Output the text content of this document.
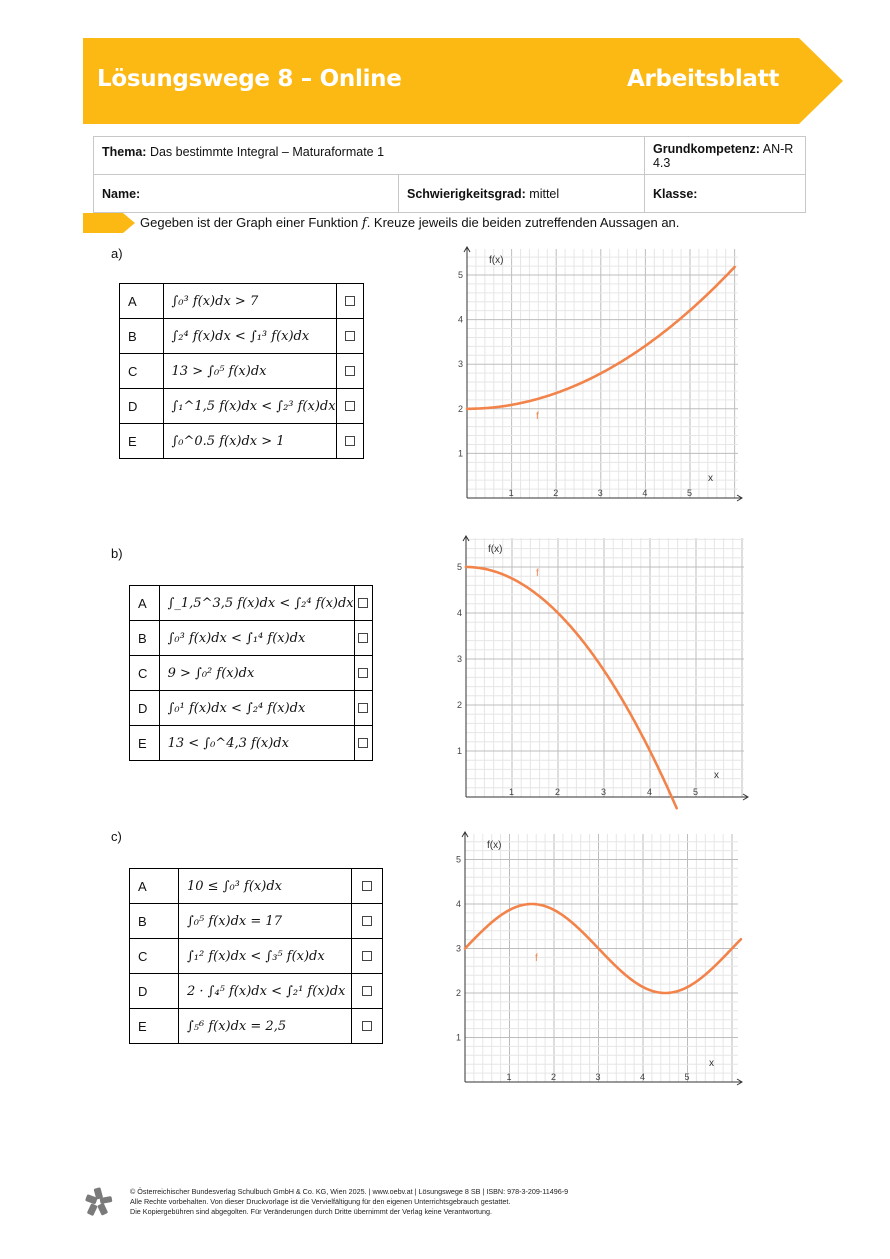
Lösungswege 8 – Online	Arbeitsblatt
Thema: Das bestimmte Integral – Maturaformate 1		Grundkompetenz: AN-R 4.3
Name:	Schwierigkeitsgrad: mittel	Klasse:
Gegeben ist der Graph einer Funktion f. Kreuze jeweils die beiden zutreffenden Aussagen an.
a)
b)
c)
A	∫₀³ f(x)dx > 7	
B	∫₂⁴ f(x)dx < ∫₁³ f(x)dx	
C	13 > ∫₀⁵ f(x)dx	
D	∫₁^1,5 f(x)dx < ∫₂³ f(x)dx	
E	∫₀^0.5 f(x)dx > 1	
A	∫_1,5^3,5 f(x)dx < ∫₂⁴ f(x)dx	
B	∫₀³ f(x)dx < ∫₁⁴ f(x)dx	
C	9 > ∫₀² f(x)dx	
D	∫₀¹ f(x)dx < ∫₂⁴ f(x)dx	
E	13 < ∫₀^4,3 f(x)dx	
A	10 ≤ ∫₀³ f(x)dx	
B	∫₀⁵ f(x)dx = 17	
C	∫₁² f(x)dx < ∫₃⁵ f(x)dx	
D	2 · ∫₄⁵ f(x)dx < ∫₂¹ f(x)dx	
E	∫₅⁶ f(x)dx = 2,5	
1	2	3	4	5
1
2
3
4
5
f(x)
x
f
1	2	3	4	5
1
2
3
4
5
f(x)
x
f
1	2	3	4	5
1
2
3
4
5
f(x)
x
f
© Österreichischer Bundesverlag Schulbuch GmbH & Co. KG, Wien 2025. | www.oebv.at | Lösungswege 8 SB | ISBN: 978-3-209-11496-9
Alle Rechte vorbehalten. Von dieser Druckvorlage ist die Vervielfältigung für den eigenen Unterrichtsgebrauch gestattet.
Die Kopiergebühren sind abgegolten. Für Veränderungen durch Dritte übernimmt der Verlag keine Verantwortung.
